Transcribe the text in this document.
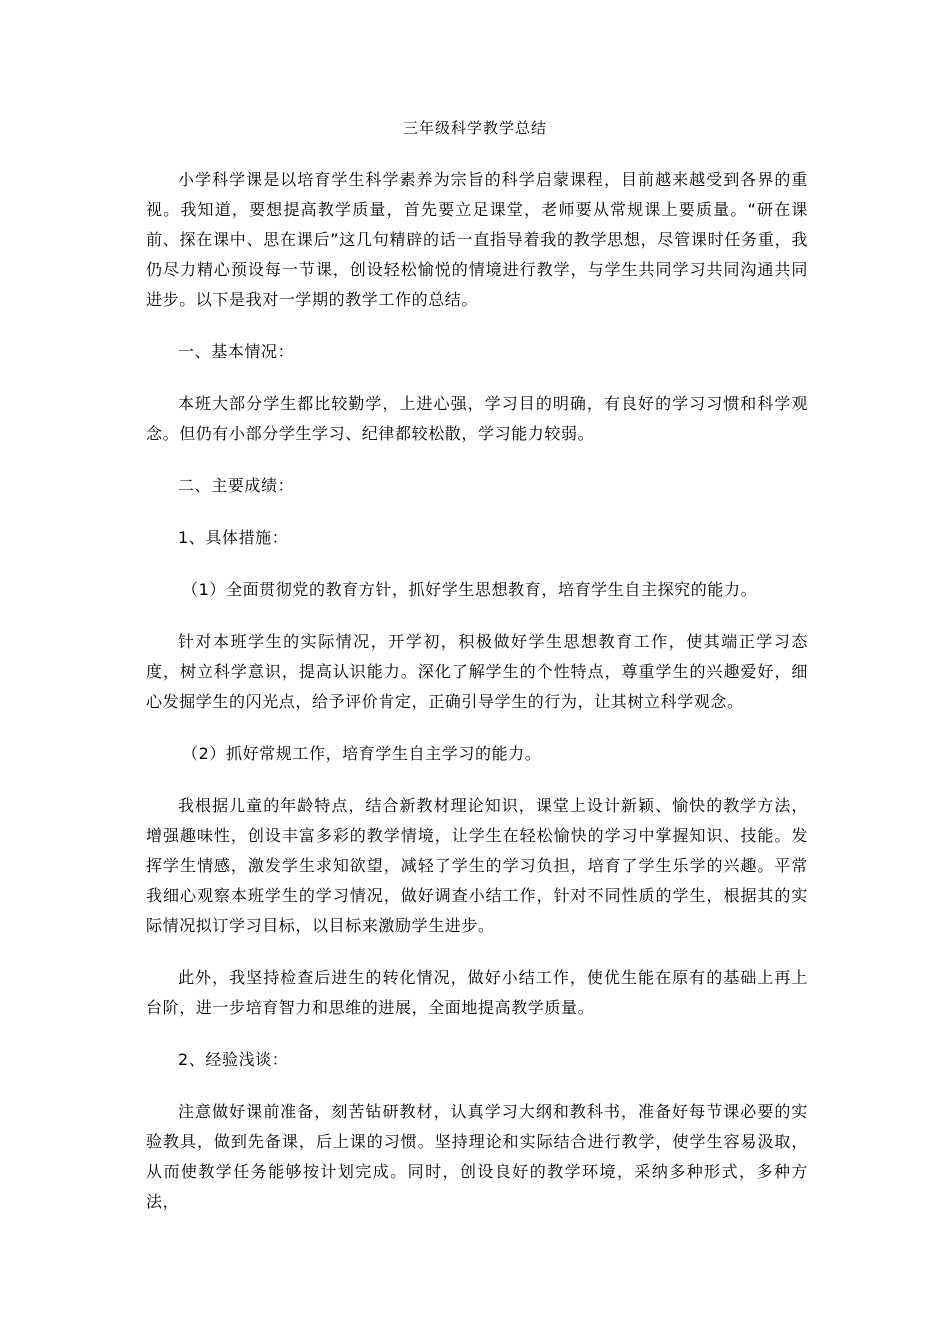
三年级科学教学总结

小学科学课是以培育学生科学素养为宗旨的科学启蒙课程，目前越来越受到各界的重视。我知道，要想提高教学质量，首先要立足课堂，老师要从常规课上要质量。“研在课前、探在课中、思在课后”这几句精辟的话一直指导着我的教学思想，尽管课时任务重，我仍尽力精心预设每一节课，创设轻松愉悦的情境进行教学，与学生共同学习共同沟通共同进步。以下是我对一学期的教学工作的总结。

一、基本情况：

本班大部分学生都比较勤学，上进心强，学习目的明确，有良好的学习习惯和科学观念。但仍有小部分学生学习、纪律都较松散，学习能力较弱。

二、主要成绩：

1、具体措施：

（1）全面贯彻党的教育方针，抓好学生思想教育，培育学生自主探究的能力。

针对本班学生的实际情况，开学初，积极做好学生思想教育工作，使其端正学习态度，树立科学意识，提高认识能力。深化了解学生的个性特点，尊重学生的兴趣爱好，细心发掘学生的闪光点，给予评价肯定，正确引导学生的行为，让其树立科学观念。

（2）抓好常规工作，培育学生自主学习的能力。

我根据儿童的年龄特点，结合新教材理论知识，课堂上设计新颖、愉快的教学方法，增强趣味性，创设丰富多彩的教学情境，让学生在轻松愉快的学习中掌握知识、技能。发挥学生情感，激发学生求知欲望，减轻了学生的学习负担，培育了学生乐学的兴趣。平常我细心观察本班学生的学习情况，做好调查小结工作，针对不同性质的学生，根据其的实际情况拟订学习目标，以目标来激励学生进步。

此外，我坚持检查后进生的转化情况，做好小结工作，使优生能在原有的基础上再上台阶，进一步培育智力和思维的进展，全面地提高教学质量。

2、经验浅谈：

注意做好课前准备，刻苦钻研教材，认真学习大纲和教科书，准备好每节课必要的实验教具，做到先备课，后上课的习惯。坚持理论和实际结合进行教学，使学生容易汲取，从而使教学任务能够按计划完成。同时，创设良好的教学环境，采纳多种形式，多种方法，
